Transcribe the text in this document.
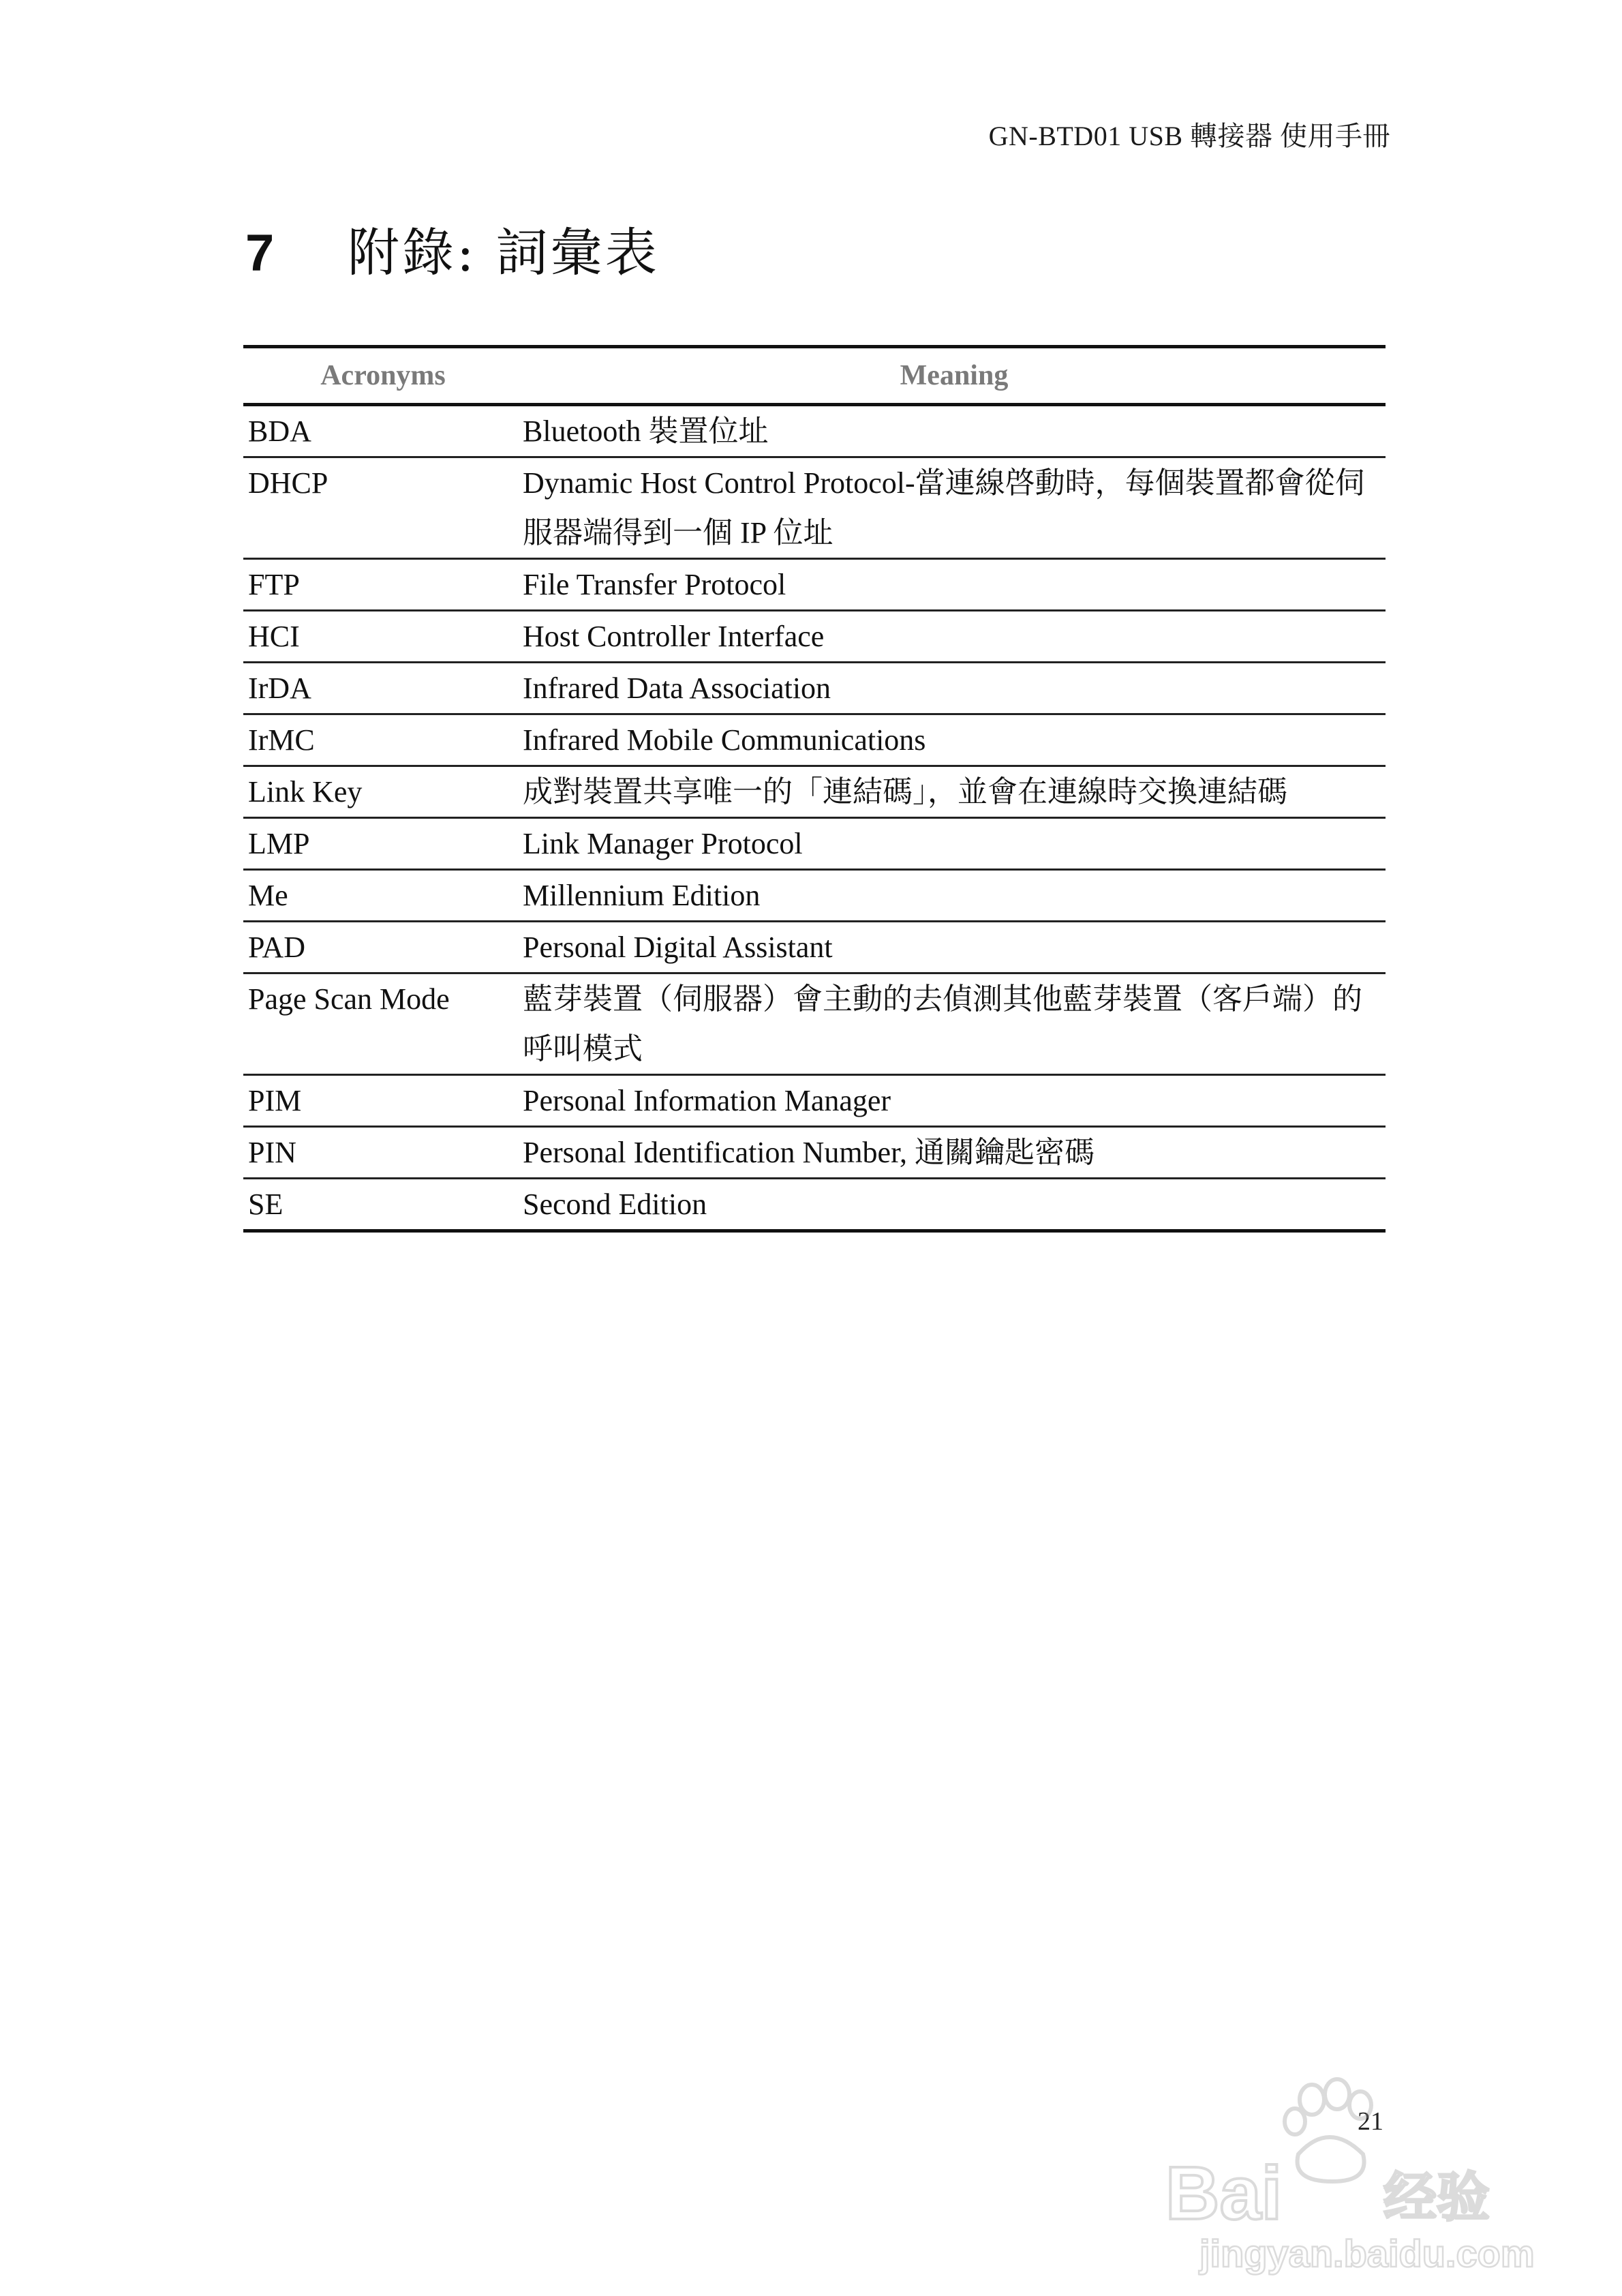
GN-BTD01 USB 轉接器 使用手冊
7	附錄: 詞彙表
Acronyms	Meaning
BDA	Bluetooth 裝置位址
DHCP	Dynamic Host Control Protocol-當連線啓動時，每個裝置都會從伺服器端得到一個 IP 位址
FTP	File Transfer Protocol
HCI	Host Controller Interface
IrDA	Infrared Data Association
IrMC	Infrared Mobile Communications
Link Key	成對裝置共享唯一的「連結碼」，並會在連線時交換連結碼
LMP	Link Manager Protocol
Me	Millennium Edition
PAD	Personal Digital Assistant
Page Scan Mode	藍芽裝置（伺服器）會主動的去偵測其他藍芽裝置（客戶端）的呼叫模式
PIM	Personal Information Manager
PIN	Personal Identification Number, 通關鑰匙密碼
SE	Second Edition
21
Bai 经验
jingyan.baidu.com
